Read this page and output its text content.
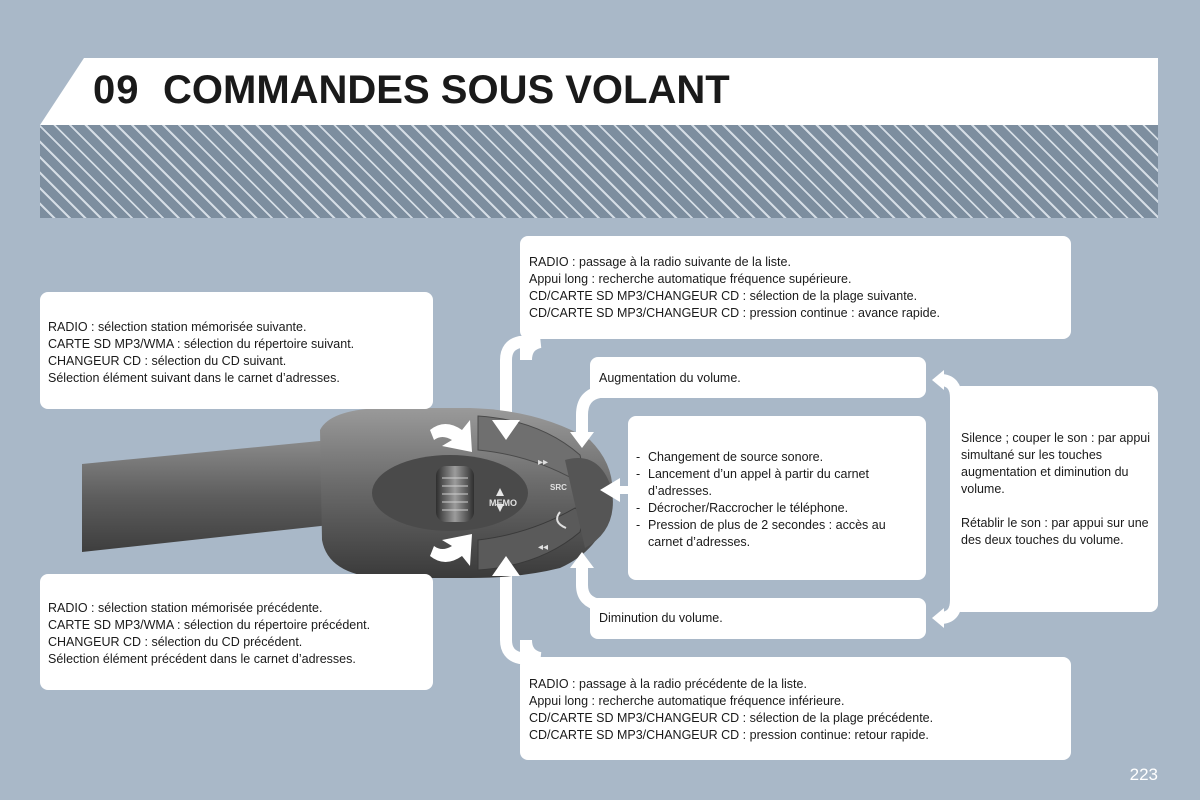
09 COMMANDES SOUS VOLANT
MEMO
SRC
▸▸
◂◂
RADIO : sélection station mémorisée suivante.
CARTE SD MP3/WMA : sélection du répertoire suivant.
CHANGEUR CD : sélection du CD suivant.
Sélection élément suivant dans le carnet d’adresses.
RADIO : sélection station mémorisée précédente.
CARTE SD MP3/WMA : sélection du répertoire précédent.
CHANGEUR CD : sélection du CD précédent.
Sélection élément précédent dans le carnet d’adresses.
RADIO : passage à la radio suivante de la liste.
Appui long : recherche automatique fréquence supérieure.
CD/CARTE SD MP3/CHANGEUR CD : sélection de la plage suivante.
CD/CARTE SD MP3/CHANGEUR CD : pression continue : avance rapide.
RADIO : passage à la radio précédente de la liste.
Appui long : recherche automatique fréquence inférieure.
CD/CARTE SD MP3/CHANGEUR CD : sélection de la plage précédente.
CD/CARTE SD MP3/CHANGEUR CD : pression continue: retour rapide.
Augmentation du volume.
Diminution du volume.
- Changement de source sonore.
- Lancement d’un appel à partir du carnet d’adresses.
- Décrocher/Raccrocher le téléphone.
- Pression de plus de 2 secondes : accès au carnet d’adresses.
Silence ; couper le son : par appui simultané sur les touches augmentation et diminution du volume.
Rétablir le son : par appui sur une des deux touches du volume.
223
